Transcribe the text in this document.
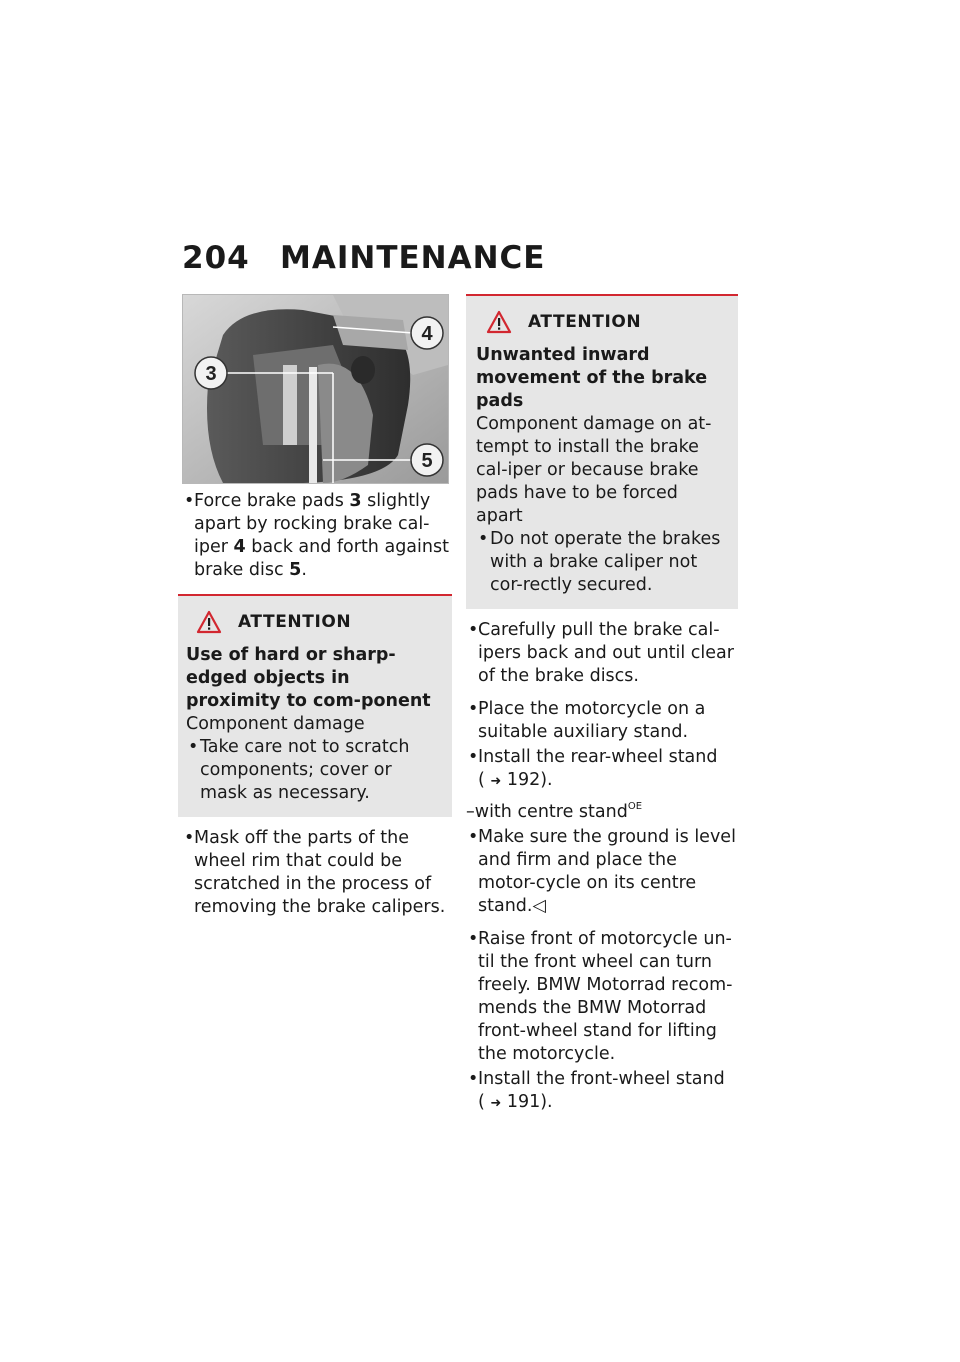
204 MAINTENANCE
3
4
5
•
Force brake pads 3 slightly apart by rocking brake cal-iper 4 back and forth against brake disc 5.
ATTENTION
Use of hard or sharp-edged objects in proximity to com-ponent
Component damage
• Take care not to scratch components; cover or mask as necessary.
•
Mask off the parts of the wheel rim that could be scratched in the process of removing the brake calipers.
ATTENTION
Unwanted inward movement of the brake pads
Component damage on at-tempt to install the brake cal-iper or because brake pads have to be forced apart
• Do not operate the brakes with a brake caliper not cor-rectly secured.
•
Carefully pull the brake cal-ipers back and out until clear of the brake discs.
•
Place the motorcycle on a suitable auxiliary stand.
•
Install the rear-wheel stand
( ➜ 192).
–with centre stand$^{OE}$
•
Make sure the ground is level and firm and place the motor-cycle on its centre stand.◁
•
Raise front of motorcycle un-til the front wheel can turn freely. BMW Motorrad recom-mends the BMW Motorrad front-wheel stand for lifting the motorcycle.
•
Install the front-wheel stand
( ➜ 191).
